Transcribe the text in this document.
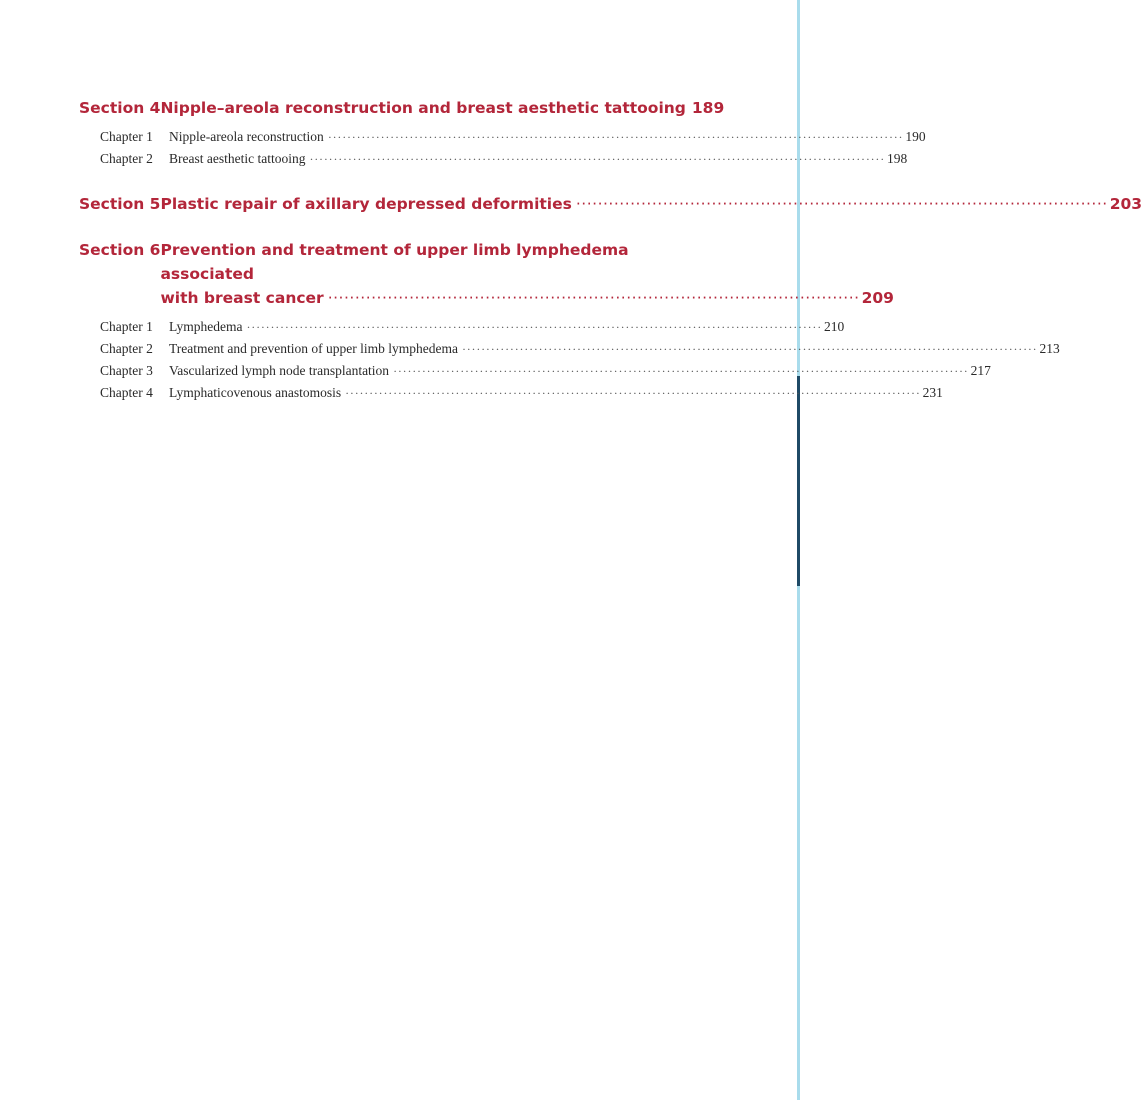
Section 4 Nipple–areola reconstruction and breast aesthetic tattooing 189
Chapter 1	Nipple-areola reconstruction ························································································································ 190
Chapter 2	Breast aesthetic tattooing ························································································································ 198
Section 5 Plastic repair of axillary depressed deformities ·································································································· 203
Section 6 Prevention and treatment of upper limb lymphedema associated
with breast cancer ·································································································· 209
Chapter 1	Lymphedema ························································································································ 210
Chapter 2	Treatment and prevention of upper limb lymphedema ························································································································ 213
Chapter 3	Vascularized lymph node transplantation ························································································································ 217
Chapter 4	Lymphaticovenous anastomosis ························································································································ 231
